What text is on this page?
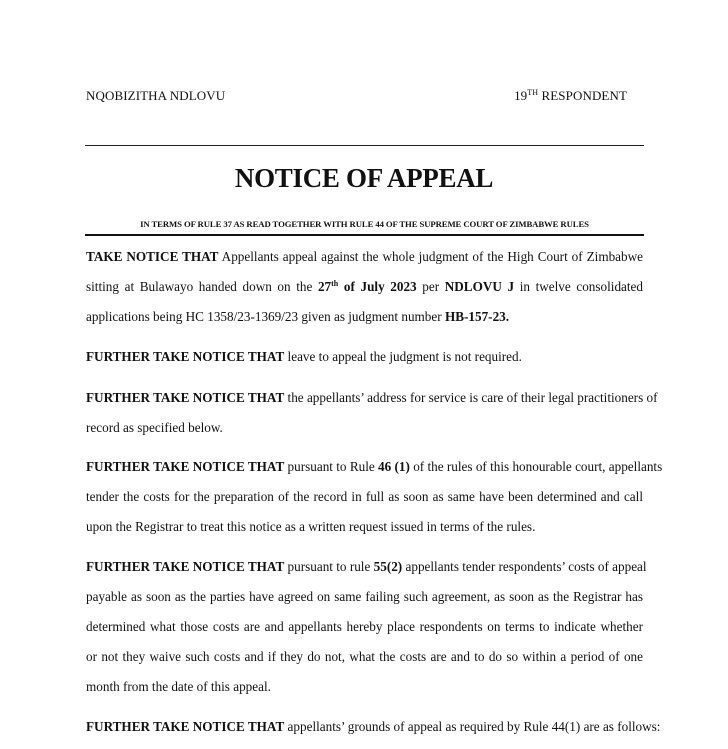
NQOBIZITHA NDLOVU	19TH RESPONDENT
NOTICE OF APPEAL
IN TERMS OF RULE 37 AS READ TOGETHER WITH RULE 44 OF THE SUPREME COURT OF ZIMBABWE RULES
TAKE NOTICE THAT Appellants appeal against the whole judgment of the High Court of Zimbabwe
sitting at Bulawayo handed down on the 27th of July 2023 per NDLOVU J in twelve consolidated
applications being HC 1358/23-1369/23 given as judgment number HB-157-23.
FURTHER TAKE NOTICE THAT leave to appeal the judgment is not required.
FURTHER TAKE NOTICE THAT the appellants’ address for service is care of their legal practitioners of
record as specified below.
FURTHER TAKE NOTICE THAT pursuant to Rule 46 (1) of the rules of this honourable court, appellants
tender the costs for the preparation of the record in full as soon as same have been determined and call
upon the Registrar to treat this notice as a written request issued in terms of the rules.
FURTHER TAKE NOTICE THAT pursuant to rule 55(2) appellants tender respondents’ costs of appeal
payable as soon as the parties have agreed on same failing such agreement, as soon as the Registrar has
determined what those costs are and appellants hereby place respondents on terms to indicate whether
or not they waive such costs and if they do not, what the costs are and to do so within a period of one
month from the date of this appeal.
FURTHER TAKE NOTICE THAT appellants’ grounds of appeal as required by Rule 44(1) are as follows:
